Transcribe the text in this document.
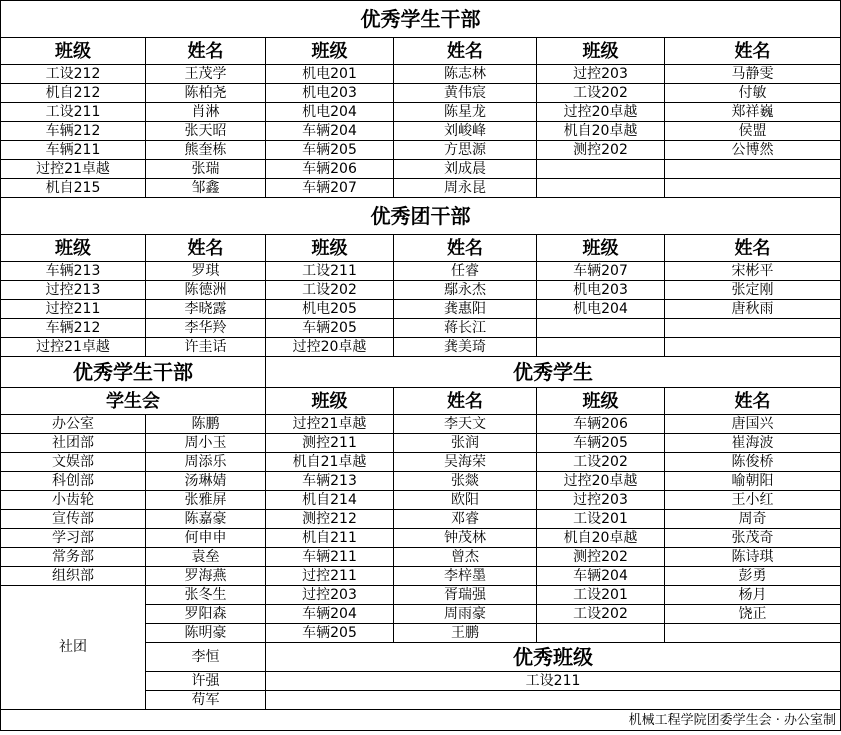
优秀学生干部					
班级	姓名	班级	姓名	班级	姓名
工设212	王茂学	机电201	陈志林	过控203	马静雯
机自212	陈柏尧	机电203	黄伟宸	工设202	付敏
工设211	肖淋	机电204	陈星龙	过控20卓越	郑祥巍
车辆212	张天昭	车辆204	刘峻峰	机自20卓越	侯盟
车辆211	熊奎栋	车辆205	方思源	测控202	公博然
过控21卓越	张瑞	车辆206	刘成晨		
机自215	邹鑫	车辆207	周永昆		
优秀团干部					
班级	姓名	班级	姓名	班级	姓名
车辆213	罗琪	工设211	任睿	车辆207	宋彬平
过控213	陈德洲	工设202	鄢永杰	机电203	张定刚
过控211	李晓露	机电205	龚惠阳	机电204	唐秋雨
车辆212	李华羚	车辆205	蒋长江		
过控21卓越	许圭话	过控20卓越	龚美琦		
优秀学生干部		优秀学生			
学生会		班级	姓名	班级	姓名
办公室	陈鹏	过控21卓越	李天文	车辆206	唐国兴
社团部	周小玉	测控211	张润	车辆205	崔海波
文娱部	周添乐	机自21卓越	吴海荣	工设202	陈俊桥
科创部	汤琳婧	车辆213	张燚	过控20卓越	喻朝阳
小齿轮	张雅屏	机自214	欧阳	过控203	王小红
宣传部	陈嘉豪	测控212	邓睿	工设201	周奇
学习部	何申申	机自211	钟茂林	机自20卓越	张茂奇
常务部	袁垒	车辆211	曾杰	测控202	陈诗琪
组织部	罗海燕	过控211	李梓墨	车辆204	彭勇
社团	张冬生	过控203	胥瑞强	工设201	杨月
	罗阳森	车辆204	周雨豪	工设202	饶正
	陈明豪	车辆205	王鹏		
	李恒	优秀班级			
	许强	工设211			
	苟军				
机械工程学院团委学生会 · 办公室制					
